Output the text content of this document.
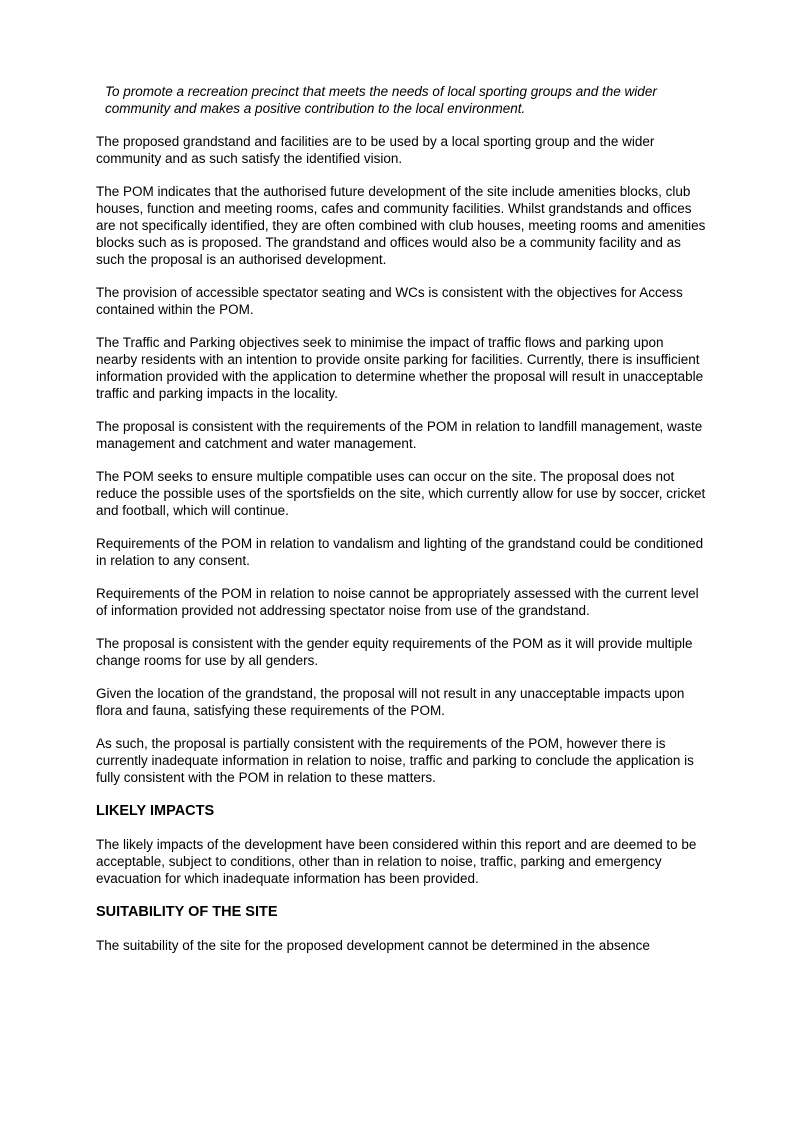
To promote a recreation precinct that meets the needs of local sporting groups and the wider community and makes a positive contribution to the local environment.

The proposed grandstand and facilities are to be used by a local sporting group and the wider community and as such satisfy the identified vision.

The POM indicates that the authorised future development of the site include amenities blocks, club houses, function and meeting rooms, cafes and community facilities. Whilst grandstands and offices are not specifically identified, they are often combined with club houses, meeting rooms and amenities blocks such as is proposed. The grandstand and offices would also be a community facility and as such the proposal is an authorised development.

The provision of accessible spectator seating and WCs is consistent with the objectives for Access contained within the POM.

The Traffic and Parking objectives seek to minimise the impact of traffic flows and parking upon nearby residents with an intention to provide onsite parking for facilities. Currently, there is insufficient information provided with the application to determine whether the proposal will result in unacceptable traffic and parking impacts in the locality.

The proposal is consistent with the requirements of the POM in relation to landfill management, waste management and catchment and water management.

The POM seeks to ensure multiple compatible uses can occur on the site. The proposal does not reduce the possible uses of the sportsfields on the site, which currently allow for use by soccer, cricket and football, which will continue.

Requirements of the POM in relation to vandalism and lighting of the grandstand could be conditioned in relation to any consent.

Requirements of the POM in relation to noise cannot be appropriately assessed with the current level of information provided not addressing spectator noise from use of the grandstand.

The proposal is consistent with the gender equity requirements of the POM as it will provide multiple change rooms for use by all genders.

Given the location of the grandstand, the proposal will not result in any unacceptable impacts upon flora and fauna, satisfying these requirements of the POM.

As such, the proposal is partially consistent with the requirements of the POM, however there is currently inadequate information in relation to noise, traffic and parking to conclude the application is fully consistent with the POM in relation to these matters.

LIKELY IMPACTS

The likely impacts of the development have been considered within this report and are deemed to be acceptable, subject to conditions, other than in relation to noise, traffic, parking and emergency evacuation for which inadequate information has been provided.

SUITABILITY OF THE SITE

The suitability of the site for the proposed development cannot be determined in the absence
